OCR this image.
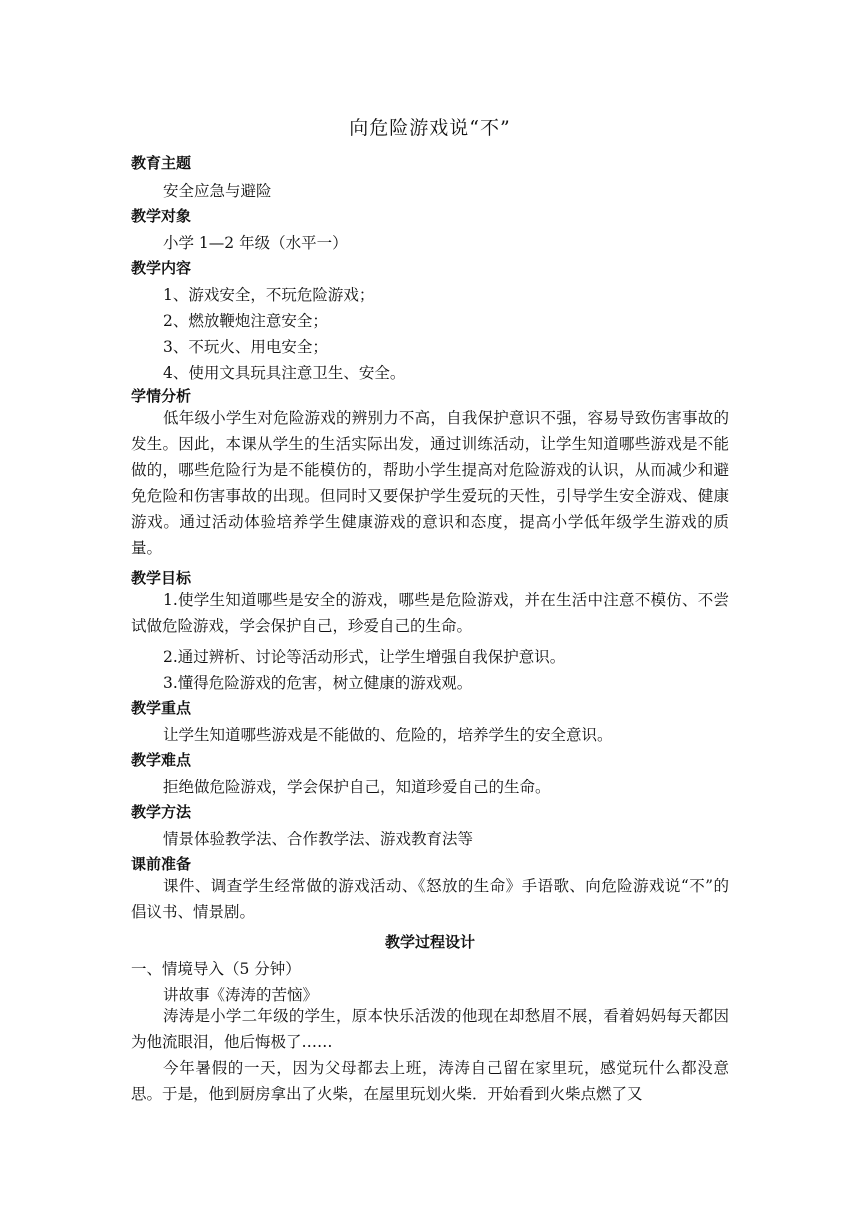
向危险游戏说“不”
教育主题
安全应急与避险
教学对象
小学 1—2 年级（水平一）
教学内容
1、游戏安全，不玩危险游戏；
2、燃放鞭炮注意安全；
3、不玩火、用电安全；
4、使用文具玩具注意卫生、安全。
学情分析
低年级小学生对危险游戏的辨别力不高，自我保护意识不强，容易导致伤害事故的发生。因此，本课从学生的生活实际出发，通过训练活动，让学生知道哪些游戏是不能做的，哪些危险行为是不能模仿的，帮助小学生提高对危险游戏的认识，从而减少和避免危险和伤害事故的出现。但同时又要保护学生爱玩的天性，引导学生安全游戏、健康游戏。通过活动体验培养学生健康游戏的意识和态度，提高小学低年级学生游戏的质量。
教学目标
1.使学生知道哪些是安全的游戏，哪些是危险游戏，并在生活中注意不模仿、不尝试做危险游戏，学会保护自己，珍爱自己的生命。
2.通过辨析、讨论等活动形式，让学生增强自我保护意识。
3.懂得危险游戏的危害，树立健康的游戏观。
教学重点
让学生知道哪些游戏是不能做的、危险的，培养学生的安全意识。
教学难点
拒绝做危险游戏，学会保护自己，知道珍爱自己的生命。
教学方法
情景体验教学法、合作教学法、游戏教育法等
课前准备
课件、调查学生经常做的游戏活动、《怒放的生命》手语歌、向危险游戏说“不”的倡议书、情景剧。
教学过程设计
一、情境导入（5 分钟）
讲故事《涛涛的苦恼》
涛涛是小学二年级的学生，原本快乐活泼的他现在却愁眉不展，看着妈妈每天都因为他流眼泪，他后悔极了……
今年暑假的一天，因为父母都去上班，涛涛自己留在家里玩，感觉玩什么都没意思。于是，他到厨房拿出了火柴，在屋里玩划火柴．开始看到火柴点燃了又
